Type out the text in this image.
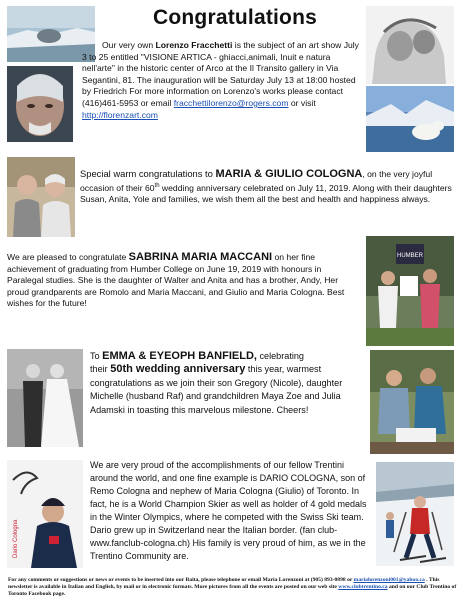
Congratulations
Our very own Lorenzo Fracchetti is the subject of an art show July 3 to 25 entitled "VISIONE ARTICA - ghiacci,animali, Inuit e natura nell'arte" in the historic center of Arco at the Il Transito gallery in Via Segantini, 81. The inauguration will be Saturday July 13 at 18:00 hosted by Friedrich For more information on Lorenzo's works please contact (416)461-5953 or email fracchettilorenzo@rogers.com or visit http://florenzart.com
Special warm congratulations to MARIA & GIULIO COLOGNA, on the very joyful occasion of their 60th wedding anniversary celebrated on July 11, 2019. Along with their daughters Susan, Anita, Yole and families, we wish them all the best and health and happiness always.
We are pleased to congratulate SABRINA MARIA MACCANI on her fine achievement of graduating from Humber College on June 19, 2019 with honours in Paralegal studies. She is the daughter of Walter and Anita and has a brother, Andy, Her proud grandparents are Romolo and Maria Maccani, and Giulio and Maria Cologna. Best wishes for the future!
HUMBER
To EMMA & EYEOPH BANFIELD, celebrating
their 50th wedding anniversary this year, warmest congratulations as we join their son Gregory (Nicole), daughter Michelle (husband Raf) and grandchildren Maya Zoe and Julia Adamski in toasting this marvelous milestone. Cheers!
Dario Cologna
We are very proud of the accomplishments of our fellow Trentini around the world, and one fine example is DARIO COLOGNA, son of Remo Cologna and nephew of Maria Cologna (Giulio) of Toronto. In fact, he is a World Champion Skier as well as holder of 4 gold medals in the Winter Olympics, where he competed with the Swiss Ski team. Dario grew up in Switzerland near the Italian border. (fan club- www.fanclub-cologna.ch) His family is very proud of him, as we in the Trentino Community are.
For any comments or suggestions or news or events to be inserted into our Baita, please telephone or email Maria Lorenzoni at (905) 893-0898 or marialorenzoni001@yahoo.ca . This newsletter is available in Italian and English, by mail or in electronic formats. More pictures from all the events are posted on our web site www.clubtrentino.ca and on our Club Trentino of Toronto Facebook page.
